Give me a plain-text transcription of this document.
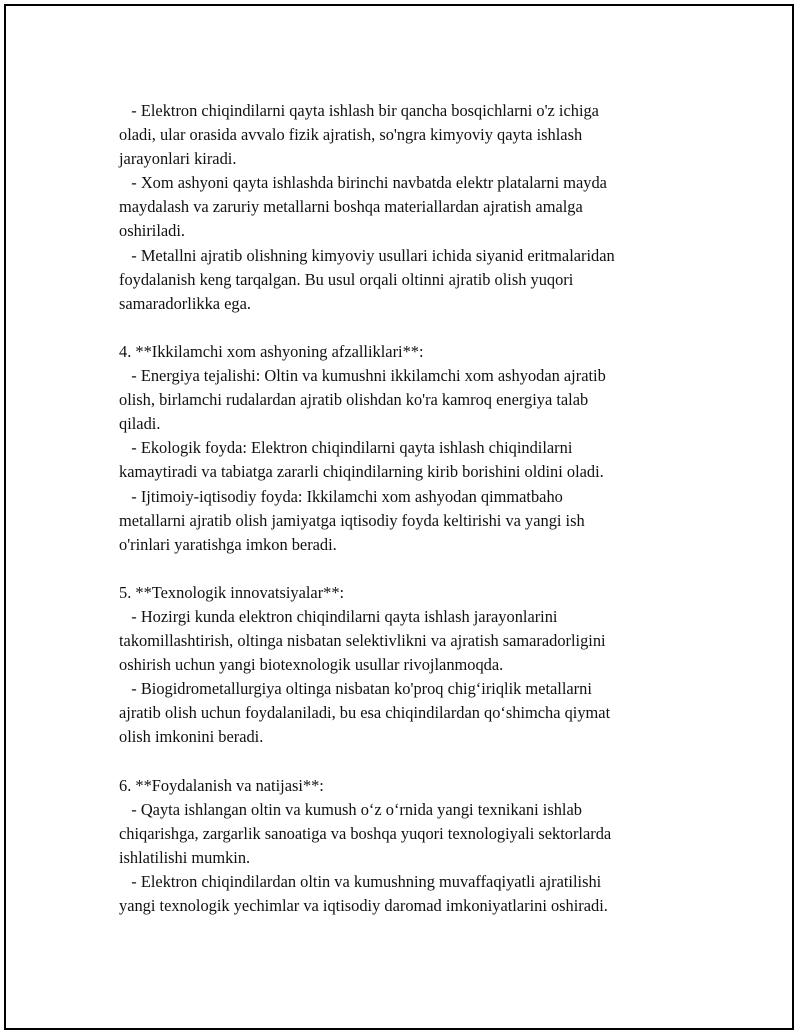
- Elektron chiqindilarni qayta ishlash bir qancha bosqichlarni o'z ichiga
oladi, ular orasida avvalo fizik ajratish, so'ngra kimyoviy qayta ishlash
jarayonlari kiradi.
- Xom ashyoni qayta ishlashda birinchi navbatda elektr platalarni mayda
maydalash va zaruriy metallarni boshqa materiallardan ajratish amalga
oshiriladi.
- Metallni ajratib olishning kimyoviy usullari ichida siyanid eritmalaridan
foydalanish keng tarqalgan. Bu usul orqali oltinni ajratib olish yuqori
samaradorlikka ega.
4. **Ikkilamchi xom ashyoning afzalliklari**:
- Energiya tejalishi: Oltin va kumushni ikkilamchi xom ashyodan ajratib
olish, birlamchi rudalardan ajratib olishdan ko'ra kamroq energiya talab
qiladi.
- Ekologik foyda: Elektron chiqindilarni qayta ishlash chiqindilarni
kamaytiradi va tabiatga zararli chiqindilarning kirib borishini oldini oladi.
- Ijtimoiy-iqtisodiy foyda: Ikkilamchi xom ashyodan qimmatbaho
metallarni ajratib olish jamiyatga iqtisodiy foyda keltirishi va yangi ish
o'rinlari yaratishga imkon beradi.
5. **Texnologik innovatsiyalar**:
- Hozirgi kunda elektron chiqindilarni qayta ishlash jarayonlarini
takomillashtirish, oltinga nisbatan selektivlikni va ajratish samaradorligini
oshirish uchun yangi biotexnologik usullar rivojlanmoqda.
- Biogidrometallurgiya oltinga nisbatan ko'proq chig‘iriqlik metallarni
ajratib olish uchun foydalaniladi, bu esa chiqindilardan qo‘shimcha qiymat
olish imkonini beradi.
6. **Foydalanish va natijasi**:
- Qayta ishlangan oltin va kumush o‘z o‘rnida yangi texnikani ishlab
chiqarishga, zargarlik sanoatiga va boshqa yuqori texnologiyali sektorlarda
ishlatilishi mumkin.
- Elektron chiqindilardan oltin va kumushning muvaffaqiyatli ajratilishi
yangi texnologik yechimlar va iqtisodiy daromad imkoniyatlarini oshiradi.
